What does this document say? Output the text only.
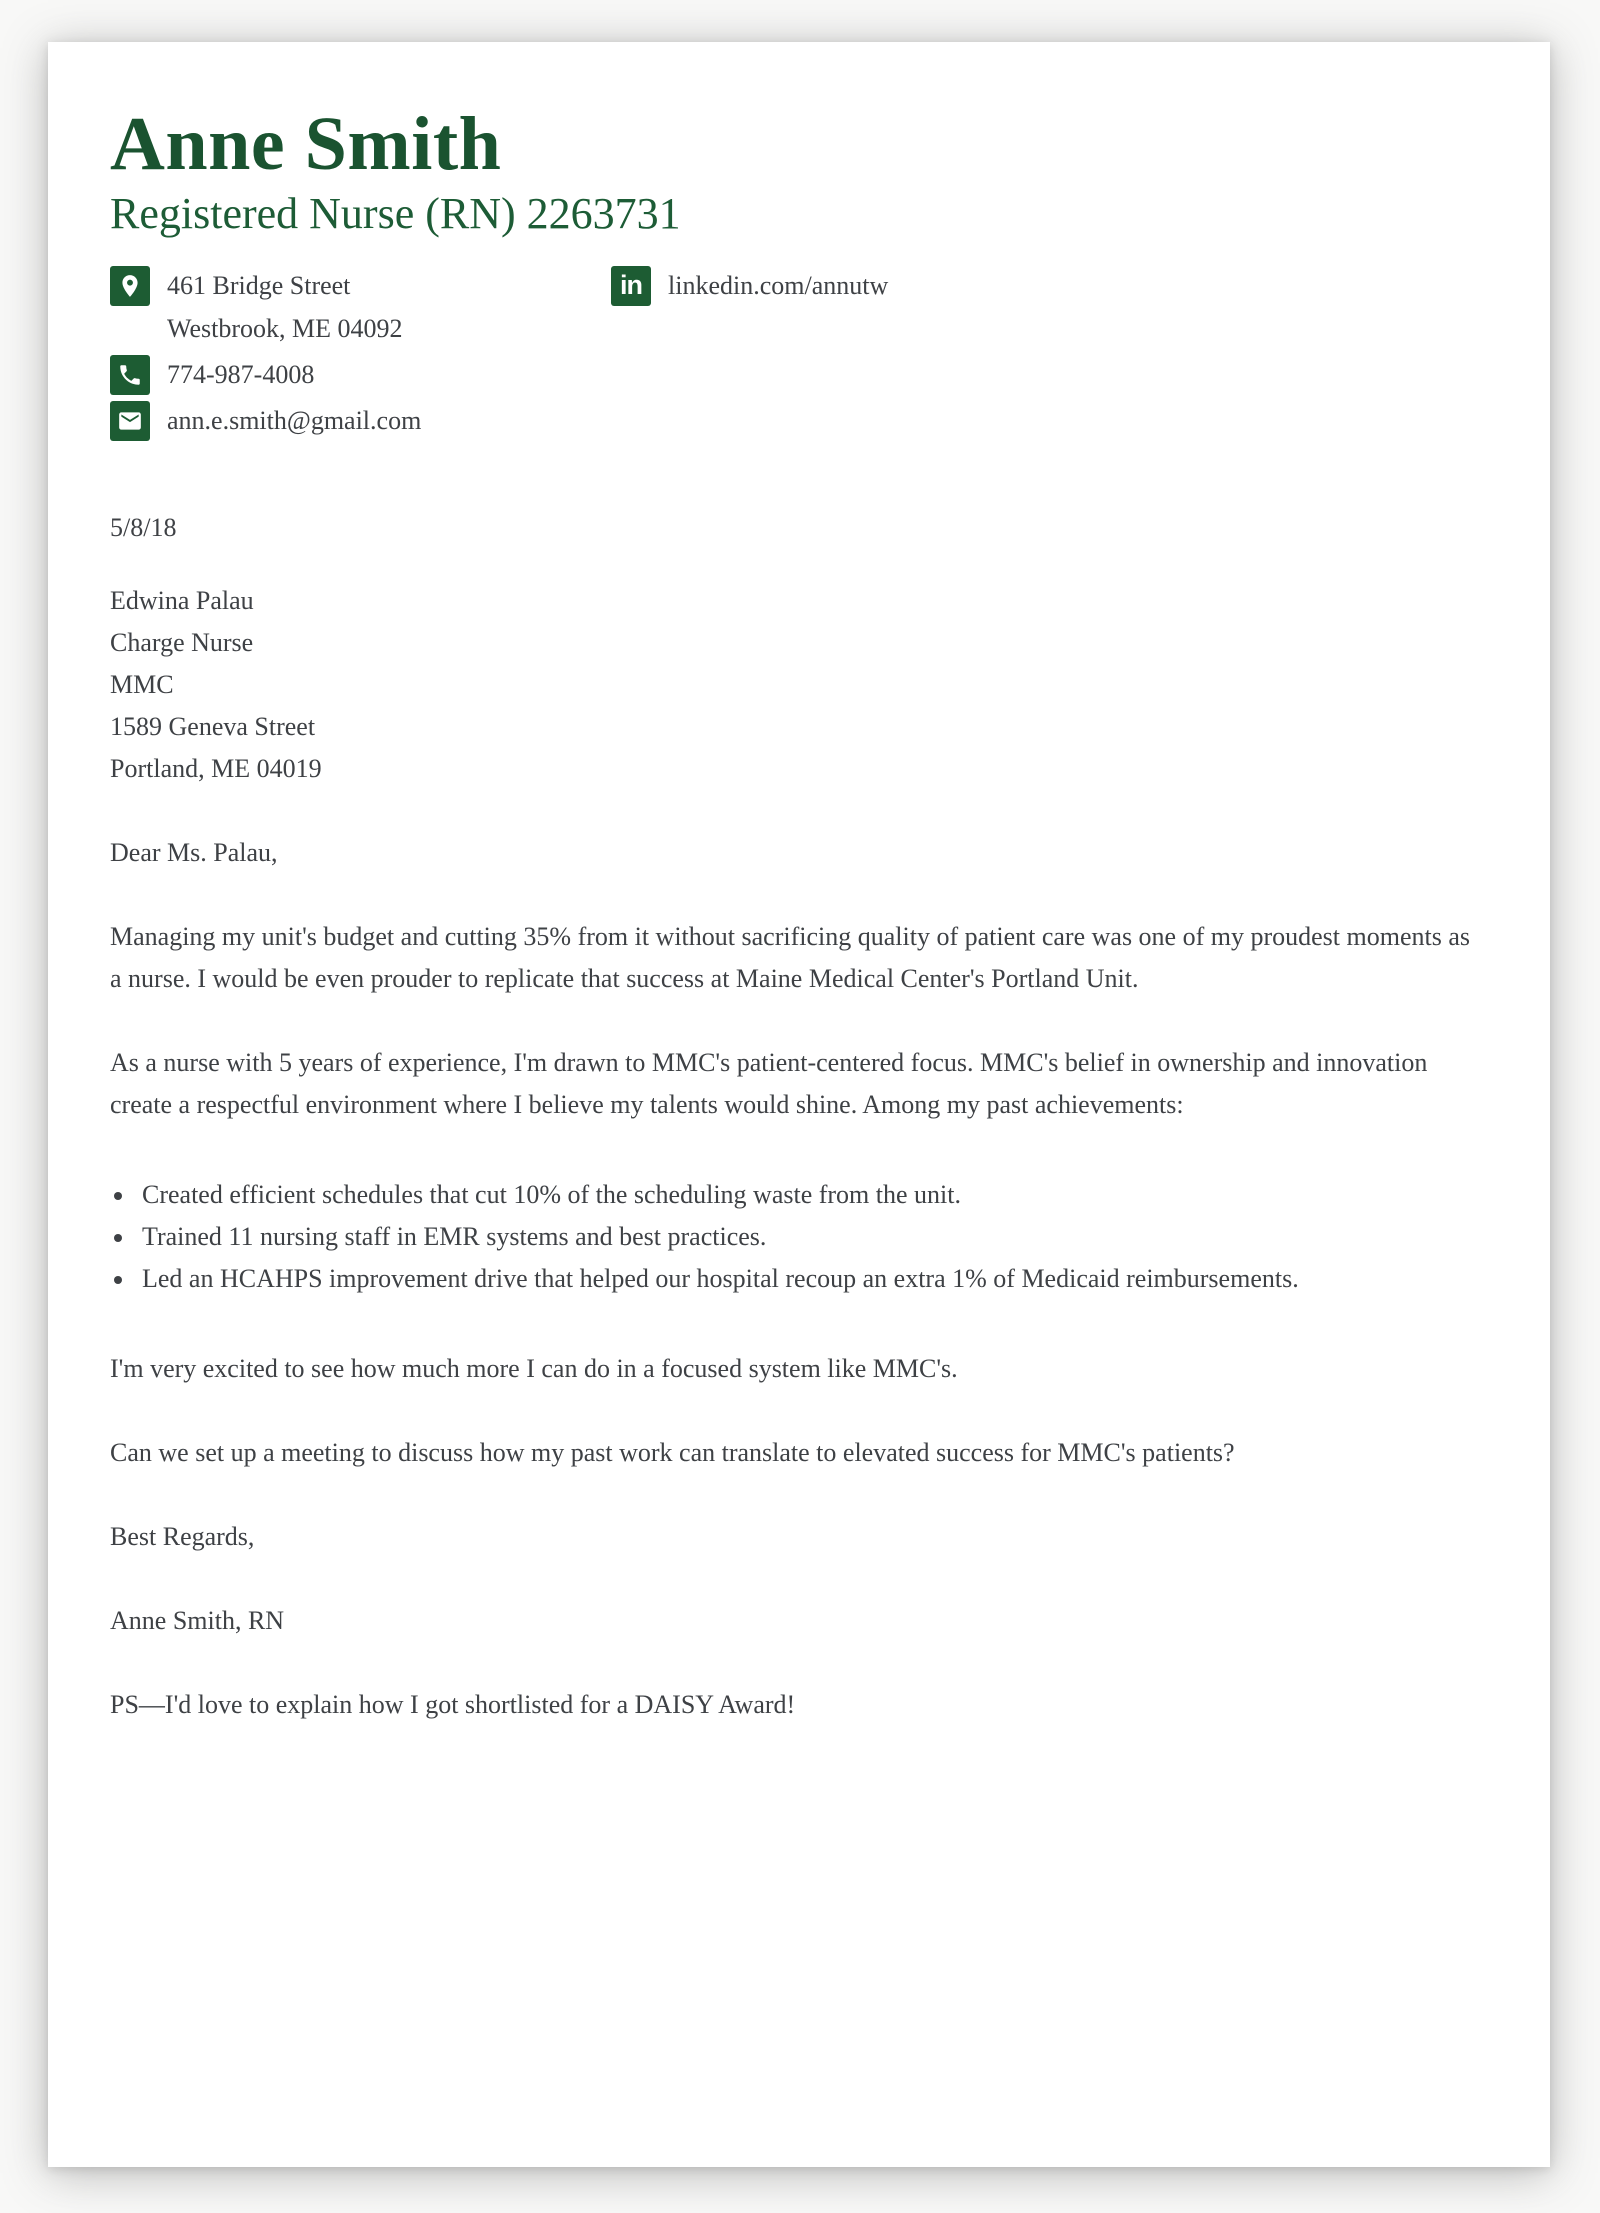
Anne Smith
Registered Nurse (RN) 2263731
461 Bridge Street
Westbrook, ME 04092
774-987-4008
ann.e.smith@gmail.com
in linkedin.com/annutw

5/8/18

Edwina Palau
Charge Nurse
MMC
1589 Geneva Street
Portland, ME 04019

Dear Ms. Palau,

Managing my unit's budget and cutting 35% from it without sacrificing quality of patient care was one of my proudest moments as a nurse. I would be even prouder to replicate that success at Maine Medical Center's Portland Unit.

As a nurse with 5 years of experience, I'm drawn to MMC's patient-centered focus. MMC's belief in ownership and innovation create a respectful environment where I believe my talents would shine. Among my past achievements:

• Created efficient schedules that cut 10% of the scheduling waste from the unit.
• Trained 11 nursing staff in EMR systems and best practices.
• Led an HCAHPS improvement drive that helped our hospital recoup an extra 1% of Medicaid reimbursements.

I'm very excited to see how much more I can do in a focused system like MMC's.

Can we set up a meeting to discuss how my past work can translate to elevated success for MMC's patients?

Best Regards,

Anne Smith, RN

PS—I'd love to explain how I got shortlisted for a DAISY Award!
